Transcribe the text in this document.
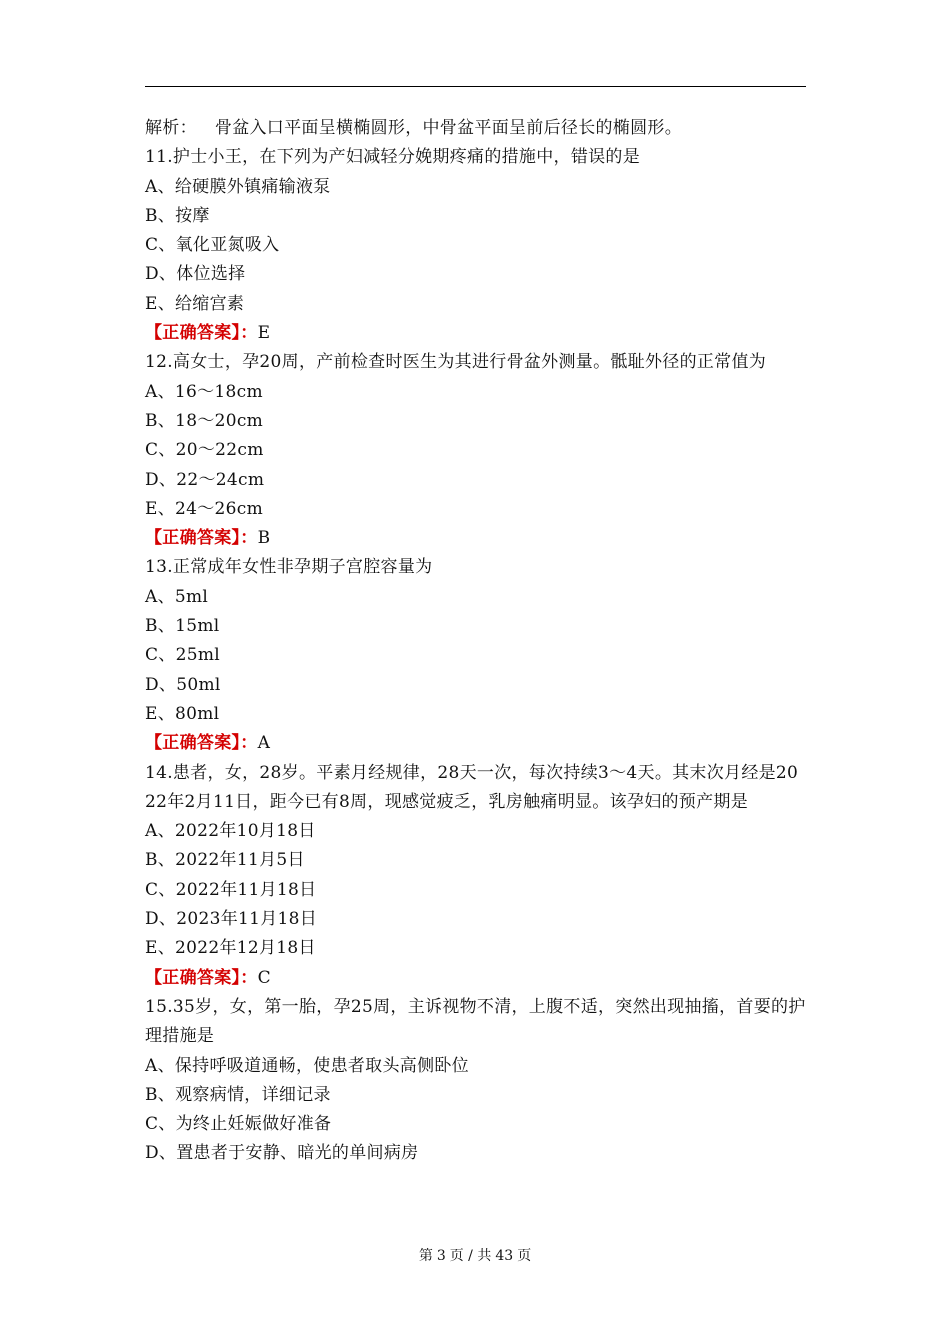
解析： 骨盆入口平面呈横椭圆形，中骨盆平面呈前后径长的椭圆形。
11.护士小王，在下列为产妇减轻分娩期疼痛的措施中，错误的是
A、给硬膜外镇痛输液泵
B、按摩
C、氧化亚氮吸入
D、体位选择
E、给缩宫素
【正确答案】：E
12.高女士，孕20周，产前检查时医生为其进行骨盆外测量。骶耻外径的正常值为
A、16～18cm
B、18～20cm
C、20～22cm
D、22～24cm
E、24～26cm
【正确答案】：B
13.正常成年女性非孕期子宫腔容量为
A、5ml
B、15ml
C、25ml
D、50ml
E、80ml
【正确答案】：A
14.患者，女，28岁。平素月经规律，28天一次，每次持续3～4天。其末次月经是2022年2月11日，距今已有8周，现感觉疲乏，乳房触痛明显。该孕妇的预产期是
A、2022年10月18日
B、2022年11月5日
C、2022年11月18日
D、2023年11月18日
E、2022年12月18日
【正确答案】：C
15.35岁，女，第一胎，孕25周，主诉视物不清，上腹不适，突然出现抽搐，首要的护理措施是
A、保持呼吸道通畅，使患者取头高侧卧位
B、观察病情，详细记录
C、为终止妊娠做好准备
D、置患者于安静、暗光的单间病房
第 3 页 / 共 43 页
